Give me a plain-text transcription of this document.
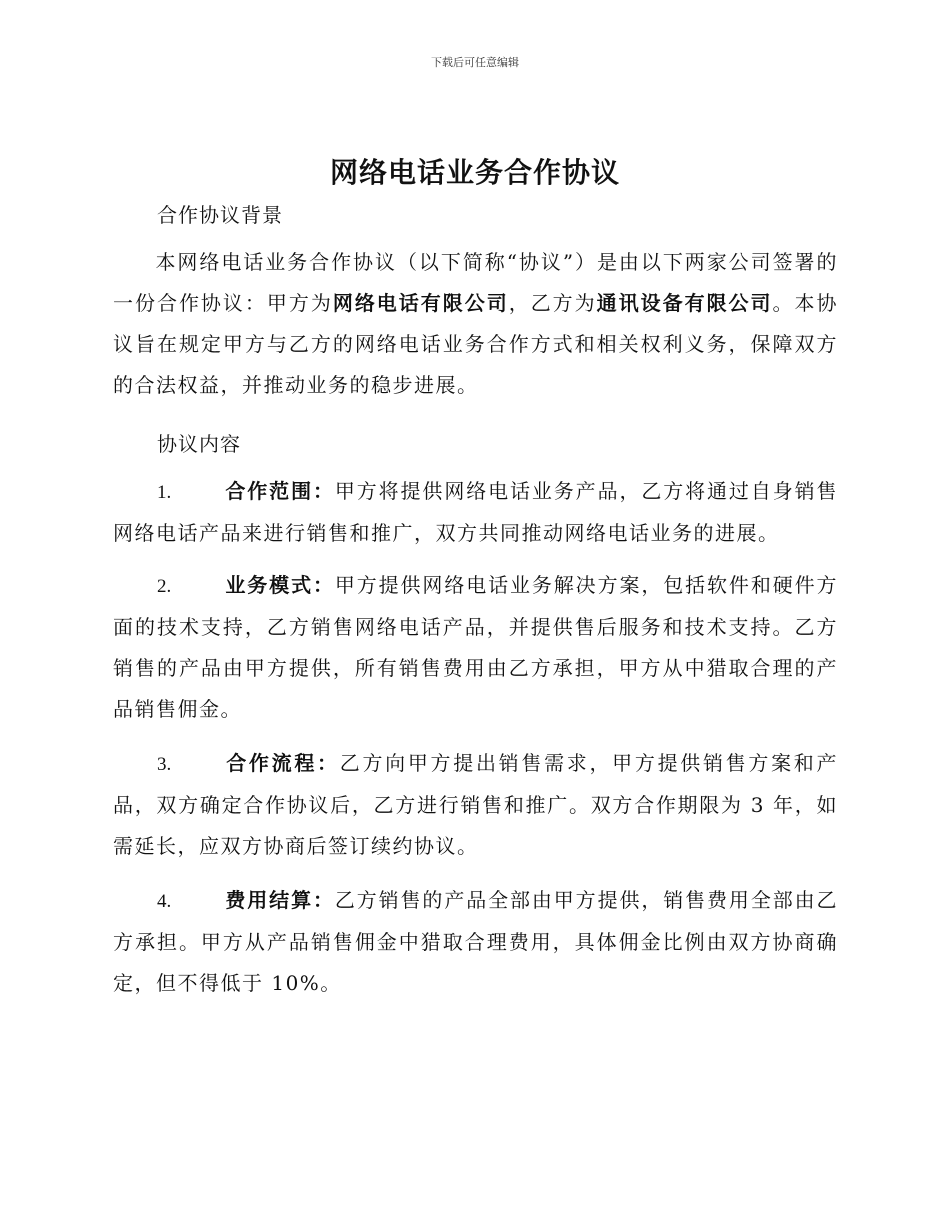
下载后可任意编辑
网络电话业务合作协议
合作协议背景

本网络电话业务合作协议（以下简称“协议”）是由以下两家公司签署的一份合作协议：甲方为网络电话有限公司，乙方为通讯设备有限公司。本协议旨在规定甲方与乙方的网络电话业务合作方式和相关权利义务，保障双方的合法权益，并推动业务的稳步进展。

协议内容

1.	合作范围：甲方将提供网络电话业务产品，乙方将通过自身销售网络电话产品来进行销售和推广，双方共同推动网络电话业务的进展。

2.	业务模式：甲方提供网络电话业务解决方案，包括软件和硬件方面的技术支持，乙方销售网络电话产品，并提供售后服务和技术支持。乙方销售的产品由甲方提供，所有销售费用由乙方承担，甲方从中猎取合理的产品销售佣金。

3.	合作流程：乙方向甲方提出销售需求，甲方提供销售方案和产品，双方确定合作协议后，乙方进行销售和推广。双方合作期限为 3 年，如需延长，应双方协商后签订续约协议。

4.	费用结算：乙方销售的产品全部由甲方提供，销售费用全部由乙方承担。甲方从产品销售佣金中猎取合理费用，具体佣金比例由双方协商确定，但不得低于 10%。
